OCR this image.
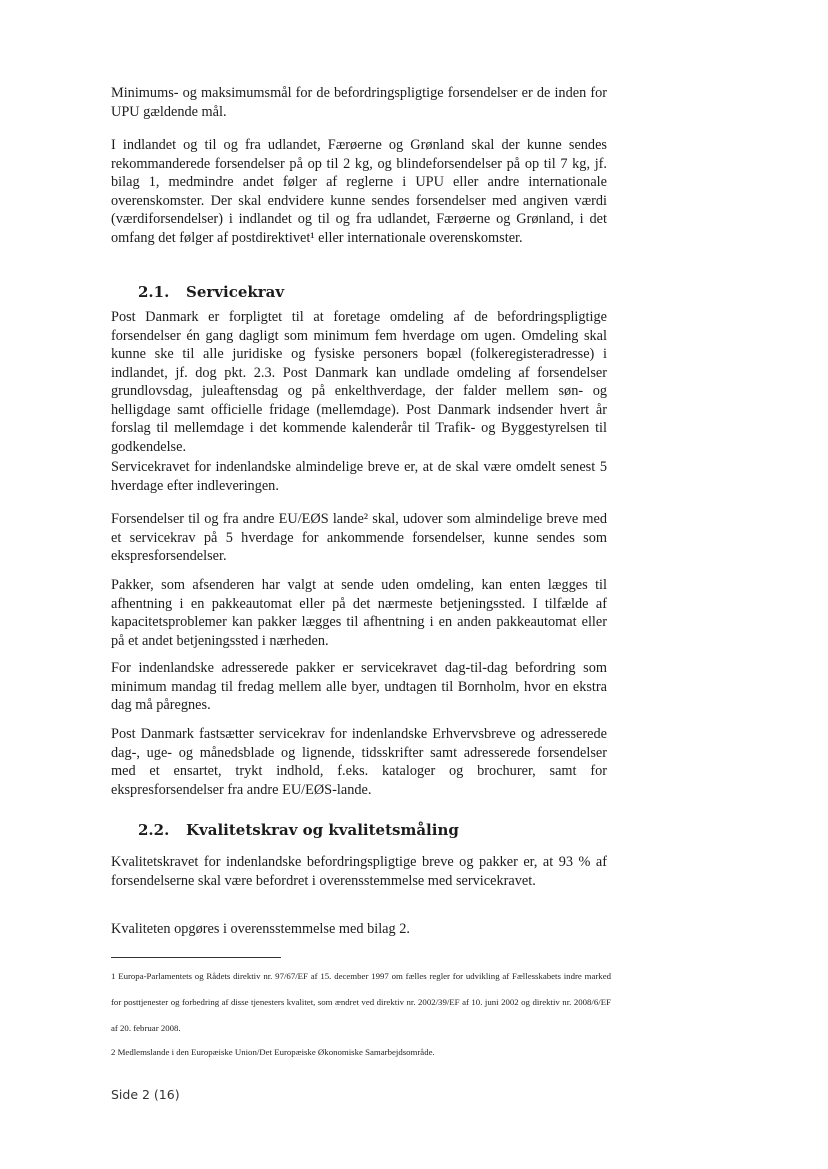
Minimums- og maksimumsmål for de befordringspligtige forsendelser er de inden for UPU gældende mål.

I indlandet og til og fra udlandet, Færøerne og Grønland skal der kunne sendes rekommanderede forsendelser på op til 2 kg, og blindeforsendelser på op til 7 kg, jf. bilag 1, medmindre andet følger af reglerne i UPU eller andre internationale overenskomster. Der skal endvidere kunne sendes forsendelser med angiven værdi (værdiforsendelser) i indlandet og til og fra udlandet, Færøerne og Grønland, i det omfang det følger af postdirektivet¹ eller internationale overenskomster.

2.1. Servicekrav

Post Danmark er forpligtet til at foretage omdeling af de befordringspligtige forsendelser én gang dagligt som minimum fem hverdage om ugen. Omdeling skal kunne ske til alle juridiske og fysiske personers bopæl (folkeregisteradresse) i indlandet, jf. dog pkt. 2.3. Post Danmark kan undlade omdeling af forsendelser grundlovsdag, juleaftensdag og på enkelthverdage, der falder mellem søn- og helligdage samt officielle fridage (mellemdage). Post Danmark indsender hvert år forslag til mellemdage i det kommende kalenderår til Trafik- og Byggestyrelsen til godkendelse.

Servicekravet for indenlandske almindelige breve er, at de skal være omdelt senest 5 hverdage efter indleveringen.

Forsendelser til og fra andre EU/EØS lande² skal, udover som almindelige breve med et servicekrav på 5 hverdage for ankommende forsendelser, kunne sendes som ekspresforsendelser.

Pakker, som afsenderen har valgt at sende uden omdeling, kan enten lægges til afhentning i en pakkeautomat eller på det nærmeste betjeningssted. I tilfælde af kapacitetsproblemer kan pakker lægges til afhentning i en anden pakkeautomat eller på et andet betjeningssted i nærheden.

For indenlandske adresserede pakker er servicekravet dag-til-dag befordring som minimum mandag til fredag mellem alle byer, undtagen til Bornholm, hvor en ekstra dag må påregnes.

Post Danmark fastsætter servicekrav for indenlandske Erhvervsbreve og adresserede dag-, uge- og månedsblade og lignende, tidsskrifter samt adresserede forsendelser med et ensartet, trykt indhold, f.eks. kataloger og brochurer, samt for ekspresforsendelser fra andre EU/EØS-lande.

2.2. Kvalitetskrav og kvalitetsmåling

Kvalitetskravet for indenlandske befordringspligtige breve og pakker er, at 93 % af forsendelserne skal være befordret i overensstemmelse med servicekravet.

Kvaliteten opgøres i overensstemmelse med bilag 2.

1 Europa-Parlamentets og Rådets direktiv nr. 97/67/EF af 15. december 1997 om fælles regler for udvikling af Fællesskabets indre marked for posttjenester og forbedring af disse tjenesters kvalitet, som ændret ved direktiv nr. 2002/39/EF af 10. juni 2002 og direktiv nr. 2008/6/EF af 20. februar 2008.

2 Medlemslande i den Europæiske Union/Det Europæiske Økonomiske Samarbejdsområde.

Side 2 (16)
